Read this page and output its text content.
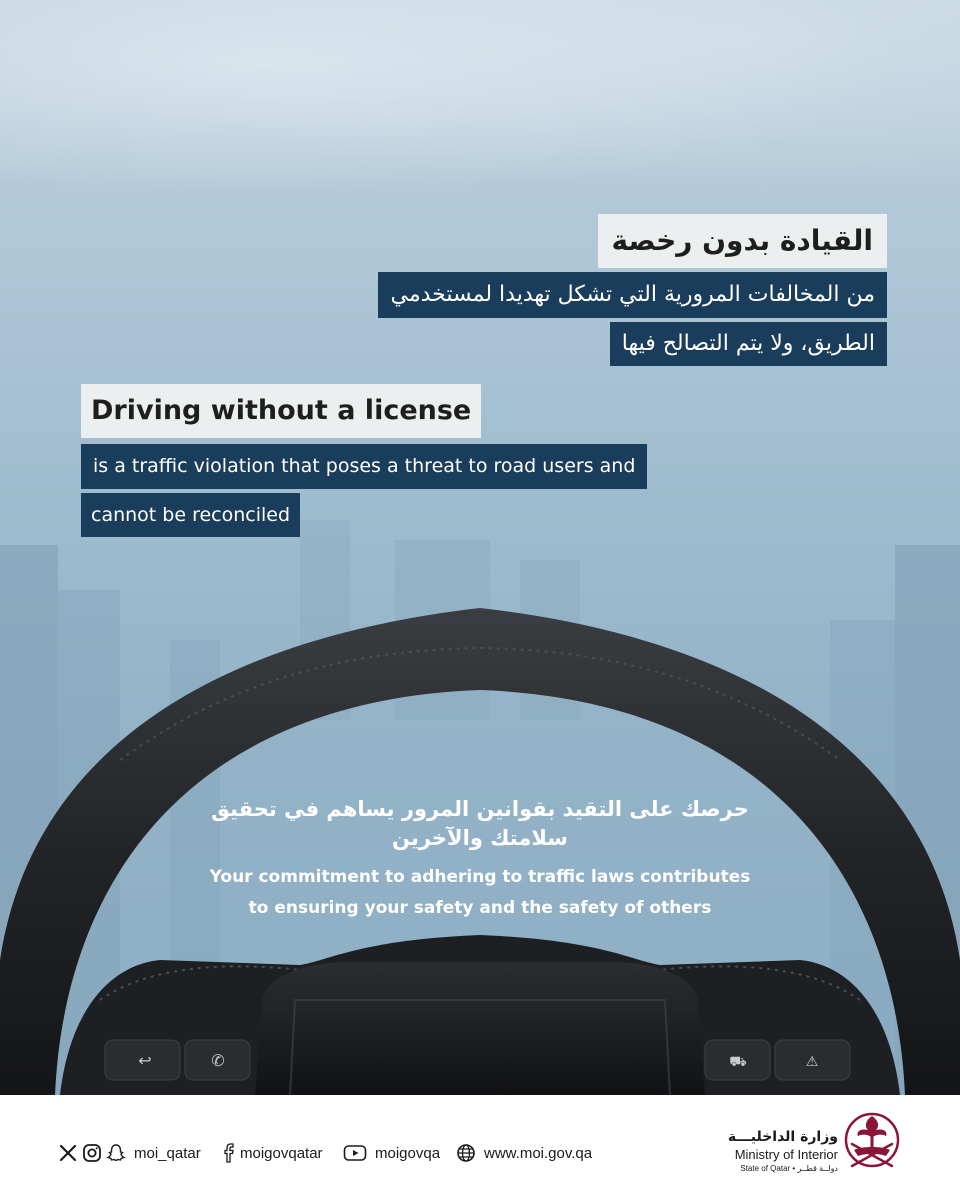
↩	✆	⛟	⚠
القيادة بدون رخصة
من المخالفات المرورية التي تشكل تهديدا لمستخدمي
الطريق، ولا يتم التصالح فيها
Driving without a license
is a traffic violation that poses a threat to road users and
cannot be reconciled
حرصك على التقيد بقوانين المرور يساهم في تحقيق
سلامتك والآخرين
Your commitment to adhering to traffic laws contributes
to ensuring your safety and the safety of others
moi_qatar	moigovqatar	moigovqa	www.moi.gov.qa
وزارة الداخليـــة
Ministry of Interior
State of Qatar • دولــة قطــر
